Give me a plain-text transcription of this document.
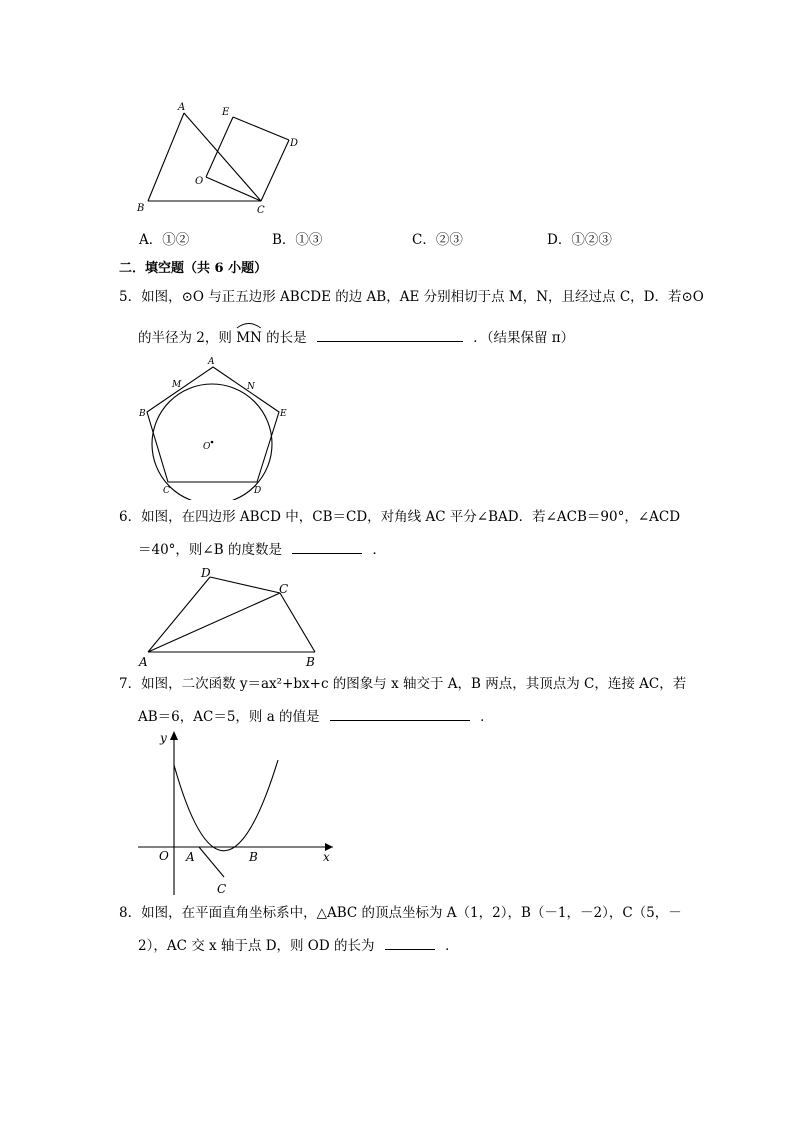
A
B	C
D
E
O
A．①②	B．①③	C．②③	D．①②③
二．填空题（共 6 小题）
5．如图，⊙O 与正五边形 ABCDE 的边 AB，AE 分别相切于点 M，N，且经过点 C，D．若⊙O
的半径为 2，则 MN 的长是	．（结果保留 π）
A
B
C	D
E
M	N
O
6．如图，在四边形 ABCD 中，CB＝CD，对角线 AC 平分∠BAD．若∠ACB＝90°，∠ACD
＝40°，则∠B 的度数是	．
A	B
C
D
7．如图，二次函数 y＝ax²+bx+c 的图象与 x 轴交于 A，B 两点，其顶点为 C，连接 AC，若
AB＝6，AC＝5，则 a 的值是	．
y
x
O A	B
C
8．如图，在平面直角坐标系中，△ABC 的顶点坐标为 A（1，2），B（－1，－2），C（5，－
2），AC 交 x 轴于点 D，则 OD 的长为	．
